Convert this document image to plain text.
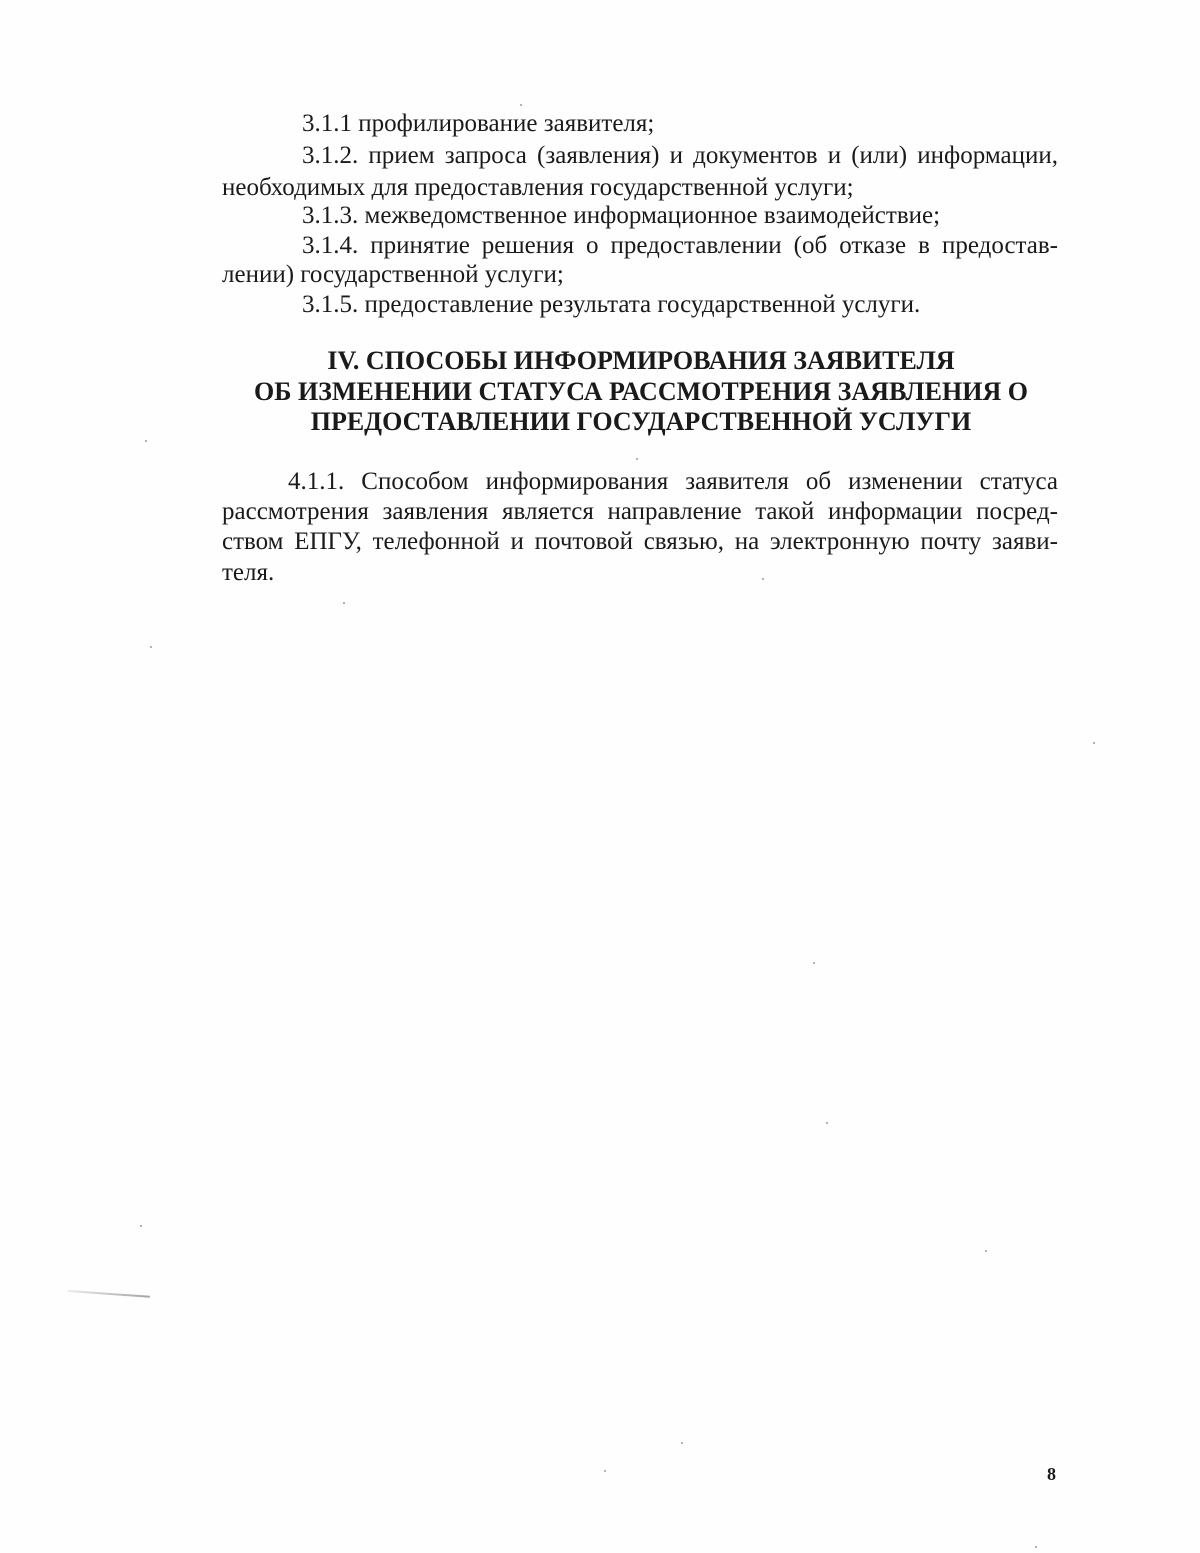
3.1.1 профилирование заявителя;
3.1.2. прием запроса (заявления) и документов и (или) информации,
необходимых для предоставления государственной услуги;
3.1.3. межведомственное информационное взаимодействие;
3.1.4. принятие решения о предоставлении (об отказе в предостав-
лении) государственной услуги;
3.1.5. предоставление результата государственной услуги.
IV. СПОСОБЫ ИНФОРМИРОВАНИЯ ЗАЯВИТЕЛЯ
ОБ ИЗМЕНЕНИИ СТАТУСА РАССМОТРЕНИЯ ЗАЯВЛЕНИЯ О
ПРЕДОСТАВЛЕНИИ ГОСУДАРСТВЕННОЙ УСЛУГИ
4.1.1. Способом информирования заявителя об изменении статуса
рассмотрения заявления является направление такой информации посред-
ством ЕПГУ, телефонной и почтовой связью, на электронную почту заяви-
теля.
8
